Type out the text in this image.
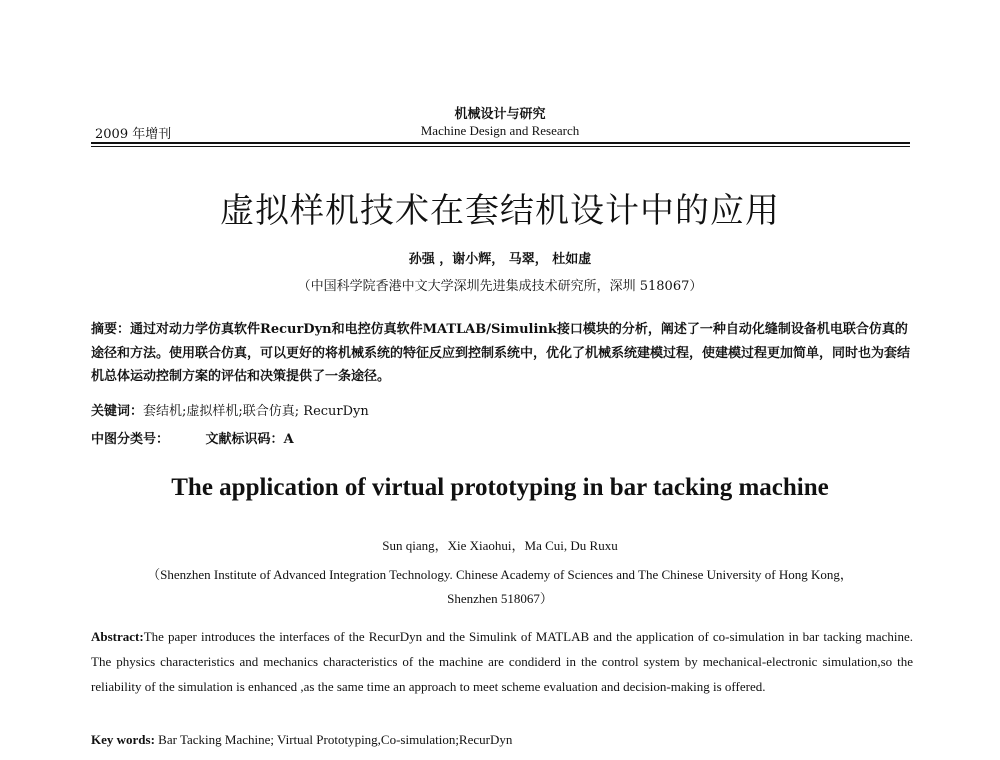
机械设计与研究
2009 年增刊	Machine Design and Research
虚拟样机技术在套结机设计中的应用
孙强 ，谢小辉， 马翠， 杜如虚
（中国科学院香港中文大学深圳先进集成技术研究所，深圳 518067）
摘要：通过对动力学仿真软件RecurDyn和电控仿真软件MATLAB/Simulink接口模块的分析，阐述了一种自动化缝制设备机电联合仿真的途径和方法。使用联合仿真，可以更好的将机械系统的特征反应到控制系统中，优化了机械系统建模过程，使建模过程更加简单，同时也为套结机总体运动控制方案的评估和决策提供了一条途径。
关键词：套结机;虚拟样机;联合仿真; RecurDyn
中图分类号：	文献标识码：A
The application of virtual prototyping in bar tacking machine
Sun qiang，Xie Xiaohui，Ma Cui, Du Ruxu
（Shenzhen Institute of Advanced Integration Technology. Chinese Academy of Sciences and The Chinese University of Hong Kong，
Shenzhen 518067）
Abstract:The paper introduces the interfaces of the RecurDyn and the Simulink of MATLAB and the application of co-simulation in bar tacking machine. The physics characteristics and mechanics characteristics of the machine are condiderd in the control system by mechanical-electronic simulation,so the reliability of the simulation is enhanced ,as the same time an approach to meet scheme evaluation and decision-making is offered.
Key words: Bar Tacking Machine; Virtual Prototyping,Co-simulation;RecurDyn
